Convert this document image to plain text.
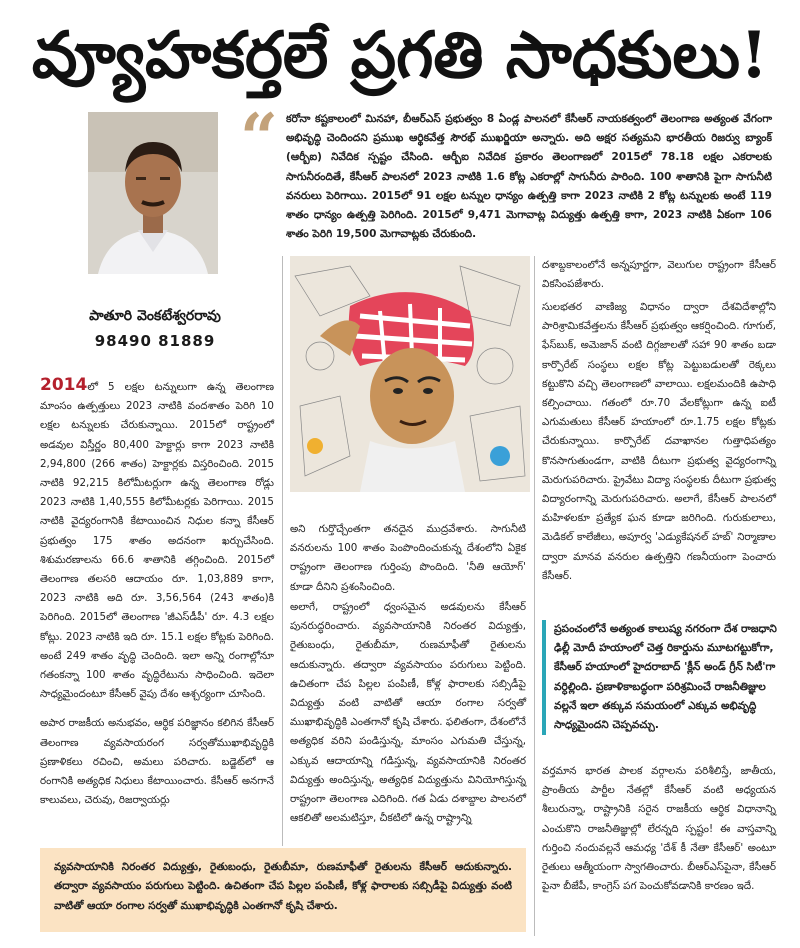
వ్యూహకర్తలే ప్రగతి సాధకులు!
పాతూరి వెంకటేశ్వరరావు
98490 81889
“ కరోనా కష్టకాలంలో మినహా, బీఆర్ఎస్ ప్రభుత్వం 8 ఏండ్ల పాలనలో కేసీఆర్ నాయకత్వంలో తెలంగాణ అత్యంత వేగంగా అభివృద్ధి చెందిందని ప్రముఖ ఆర్థికవేత్త సౌరభ్ ముఖర్జియా అన్నారు. అది అక్షర సత్యమని భారతీయ రిజర్వు బ్యాంక్ (ఆర్బీఐ) నివేదిక స్పష్టం చేసింది. ఆర్బీఐ నివేదిక ప్రకారం తెలంగాణలో 2015లో 78.18 లక్షల ఎకరాలకు సాగునీరందితే, కేసీఆర్ పాలనలో 2023 నాటికి 1.6 కోట్ల ఎకరాల్లో సాగునీరు పారింది. 100 శాతానికి పైగా సాగునీటి వనరులు పెరిగాయి. 2015లో 91 లక్షల టన్నుల ధాన్యం ఉత్పత్తి కాగా 2023 నాటికి 2 కోట్ల టన్నులకు అంటే 119 శాతం ధాన్యం ఉత్పత్తి పెరిగింది. 2015లో 9,471 మెగావాట్ల విద్యుత్తు ఉత్పత్తి కాగా, 2023 నాటికి ఏకంగా 106 శాతం పెరిగి 19,500 మెగావాట్లకు చేరుకుంది.

2014లో 5 లక్షల టన్నులుగా ఉన్న తెలంగాణ మాంసం ఉత్పత్తులు 2023 నాటికి వందశాతం పెరిగి 10 లక్షల టన్నులకు చేరుకున్నాయి. 2015లో రాష్ట్రంలో అడవుల విస్తీర్ణం 80,400 హెక్టార్లు కాగా 2023 నాటికి 2,94,800 (266 శాతం) హెక్టార్లకు విస్తరించింది. 2015 నాటికి 92,215 కిలోమీటర్లుగా ఉన్న తెలంగాణ రోడ్లు 2023 నాటికి 1,40,555 కిలోమీటర్లకు పెరిగాయి. 2015 నాటికి వైద్యరంగానికి కేటాయించిన నిధుల కన్నా కేసీఆర్ ప్రభుత్వం 175 శాతం అదనంగా ఖర్చుచేసింది. శిశుమరణాలను 66.6 శాతానికి తగ్గించింది. 2015లో తెలంగాణ తలసరి ఆదాయం రూ. 1,03,889 కాగా, 2023 నాటికి అది రూ. 3,56,564 (243 శాతం)కి పెరిగింది. 2015లో తెలంగాణ 'జీఎస్‌డీపీ' రూ. 4.3 లక్షల కోట్లు. 2023 నాటికి ఇది రూ. 15.1 లక్షల కోట్లకు పెరిగింది. అంటే 249 శాతం వృద్ధి చెందింది. ఇలా అన్ని రంగాల్లోనూ గతంకన్నా 100 శాతం వృద్ధిరేటును సాధించింది. ఇదెలా సాధ్యమైందంటూ కేసీఆర్ వైపు దేశం ఆశ్చర్యంగా చూసింది.

అపార రాజకీయ అనుభవం, ఆర్థిక పరిజ్ఞానం కలిగిన కేసీఆర్ తెలంగాణ వ్యవసాయరంగ సర్వతోముఖాభివృద్ధికి ప్రణాళికలు రచించి, అమలు పరిచారు. బడ్జెట్‌లో ఆ రంగానికి అత్యధిక నిధులు కేటాయించారు. కేసీఆర్ అనగానే కాలువలు, చెరువు, రిజర్వాయర్లు

అని గుర్తొచ్చేంతగా తనదైన ముద్రవేశారు. సాగునీటి వనరులను 100 శాతం పెంపొందించుకున్న దేశంలోని ఏకైక రాష్ట్రంగా తెలంగాణ గుర్తింపు పొందింది. 'నీతి ఆయోగ్' కూడా దీనిని ప్రశంసించింది.

అలాగే, రాష్ట్రంలో ధ్వంసమైన అడవులను కేసీఆర్ పునరుద్ధరించారు. వ్యవసాయానికి నిరంతర విద్యుత్తు, రైతుబంధు, రైతుబీమా, రుణమాఫీతో రైతులను ఆదుకున్నారు. తద్వారా వ్యవసాయం పరుగులు పెట్టింది. ఉచితంగా చేప పిల్లల పంపిణీ, కోళ్ల ఫారాలకు సబ్సిడీపై విద్యుత్తు వంటి వాటితో ఆయా రంగాల సర్వతో ముఖాభివృద్ధికి ఎంతగానో కృషి చేశారు. ఫలితంగా, దేశంలోనే అత్యధిక వరిని పండిస్తున్న, మాంసం ఎగుమతి చేస్తున్న, ఎక్కువ ఆదాయాన్ని గడిస్తున్న, వ్యవసాయానికి నిరంతర విద్యుత్తు అందిస్తున్న, అత్యధిక విద్యుత్తును వినియోగిస్తున్న రాష్ట్రంగా తెలంగాణ ఎదిగింది. గత ఏడు దశాబ్దాల పాలనలో ఆకలితో అలమటిస్తూ, చీకటిలో ఉన్న రాష్ట్రాన్ని

దశాబ్దకాలంలోనే అన్నపూర్ణగా, వెలుగుల రాష్ట్రంగా కేసీఆర్ వికసింపజేశారు.

సులభతర వాణిజ్య విధానం ద్వారా దేశవిదేశాల్లోని పారిశ్రామికవేత్తలను కేసీఆర్ ప్రభుత్వం ఆకర్షించింది. గూగుల్, ఫేస్‌బుక్, అమెజాన్ వంటి దిగ్గజాలతో సహా 90 శాతం బడా కార్పొరేట్ సంస్థలు లక్షల కోట్ల పెట్టుబడులతో రెక్కలు కట్టుకొని వచ్చి తెలంగాణలో వాలాయి. లక్షలమందికి ఉపాధి కల్పించాయి. గతంలో రూ.70 వేలకోట్లుగా ఉన్న ఐటీ ఎగుమతులు కేసీఆర్ హయాంలో రూ.1.75 లక్షల కోట్లకు చేరుకున్నాయి. కార్పొరేట్ దవాఖానల గుత్తాధిపత్యం కొనసాగుతుండగా, వాటికి దీటుగా ప్రభుత్వ వైద్యరంగాన్ని మెరుగుపరిచారు. ప్రైవేటు విద్యా సంస్థలకు దీటుగా ప్రభుత్వ విద్యారంగాన్ని మెరుగుపరిచారు. అలాగే, కేసీఆర్ పాలనలో మహిళలకూ ప్రత్యేక ఘన కూడా జరిగింది. గురుకులాలు, మెడికల్ కాలేజీలు, అపూర్వ 'ఎడ్యుకేషనల్ హబ్' నిర్మాణాల ద్వారా మానవ వనరుల ఉత్పత్తిని గణనీయంగా పెంచారు కేసీఆర్.

ప్రపంచంలోనే అత్యంత కాలుష్య నగరంగా దేశ రాజధాని ఢిల్లీ మోదీ హయాంలో చెత్త రికార్డును మూటగట్టుకోగా, కేసీఆర్ హయాంలో హైదరాబాద్ 'క్లీన్ అండ్ గ్రీన్ సిటీ'గా వర్ధిల్లింది. ప్రణాళికాబద్ధంగా పరిశ్రమించే రాజనీతిజ్ఞుల వల్లనే ఇలా తక్కువ సమయంలో ఎక్కువ అభివృద్ధి సాధ్యమైందని చెప్పవచ్చు.

వర్తమాన భారత పాలక వర్గాలను పరిశీలిస్తే, జాతీయ, ప్రాంతీయ పార్టీల నేతల్లో కేసీఆర్ వంటి అధ్యయన శీలురున్నా, రాష్ట్రానికి సరైన రాజకీయ ఆర్థిక విధానాన్ని ఎంచుకొని రాజనీతిజ్ఞుల్లో లేరన్నది స్పష్టం! ఈ వాస్తవాన్ని గుర్తించి నందువల్లనే ఆమధ్య 'దేశ్ కీ నేతా కేసీఆర్' అంటూ రైతులు ఆత్మీయంగా స్వాగతించారు. బీఆర్ఎస్‌పైనా, కేసీఆర్ పైనా బీజేపీ, కాంగ్రెస్ పగ పెంచుకోవడానికి కారణం ఇదే.

వ్యవసాయానికి నిరంతర విద్యుత్తు, రైతుబంధు, రైతుబీమా, రుణమాఫీతో రైతులను కేసీఆర్ ఆదుకున్నారు. తద్వారా వ్యవసాయం పరుగులు పెట్టింది. ఉచితంగా చేప పిల్లల పంపిణీ, కోళ్ల ఫారాలకు సబ్సిడీపై విద్యుత్తు వంటి వాటితో ఆయా రంగాల సర్వతో ముఖాభివృద్ధికి ఎంతగానో కృషి చేశారు.
